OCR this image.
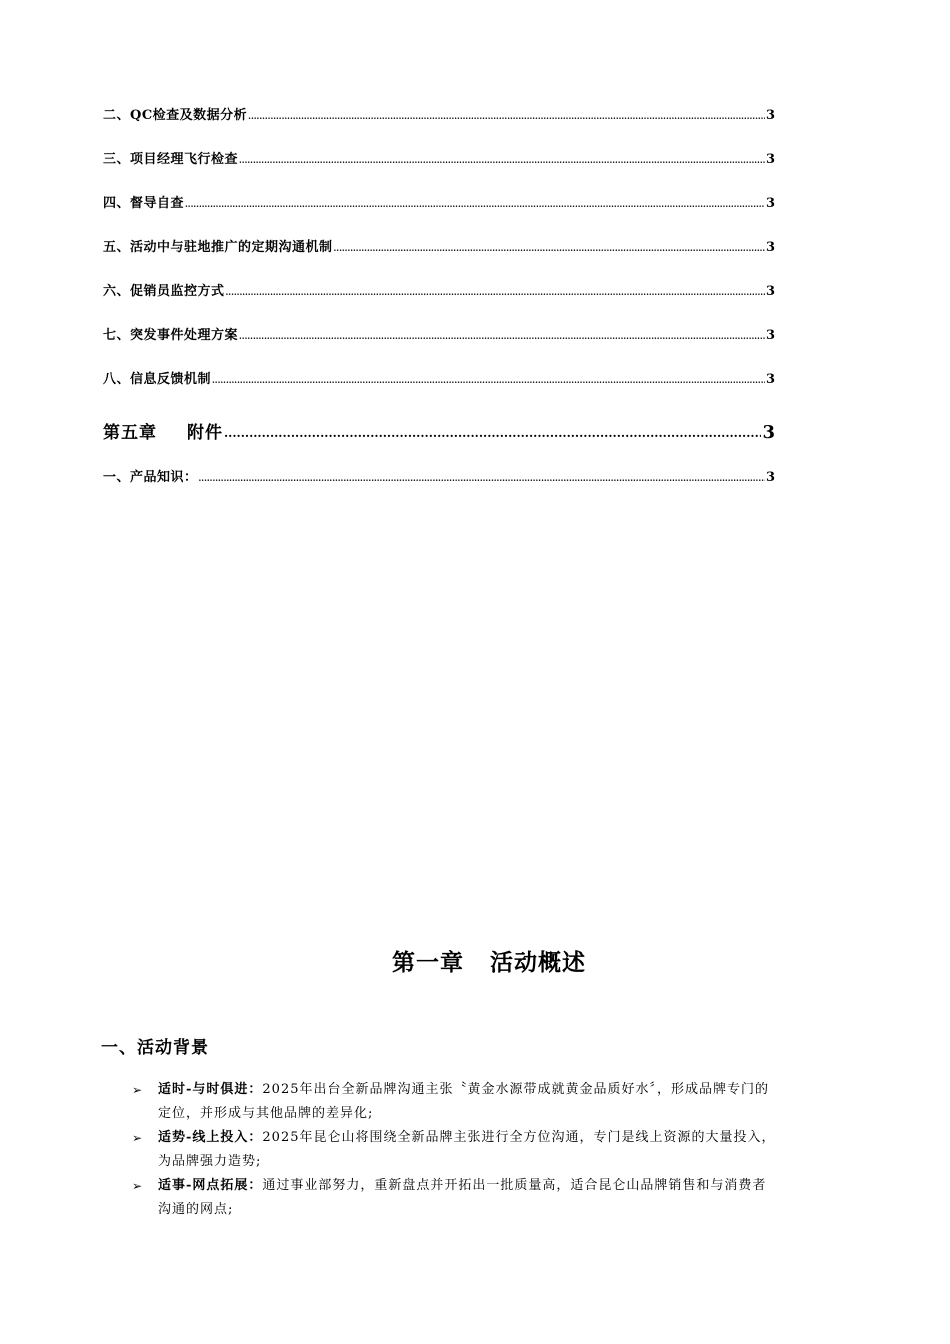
二、QC检查及数据分析 .....	3
三、项目经理飞行检查 .....	3
四、督导自查 .....	3
五、活动中与驻地推广的定期沟通机制 .....	3
六、促销员监控方式 .....	3
七、突发事件处理方案 .....	3
八、信息反馈机制 .....	3
第五章 附件 .....	3
一、产品知识： .....	3
第一章 活动概述
一、活动背景
➢ 适时-与时俱进：2025年出台全新品牌沟通主张〝黄金水源带成就黄金品质好水〞，形成品牌专门的定位，并形成与其他品牌的差异化;
➢ 适势-线上投入：2025年昆仑山将围绕全新品牌主张进行全方位沟通，专门是线上资源的大量投入，为品牌强力造势;
➢ 适事-网点拓展：通过事业部努力，重新盘点并开拓出一批质量高，适合昆仑山品牌销售和与消费者沟通的网点;
